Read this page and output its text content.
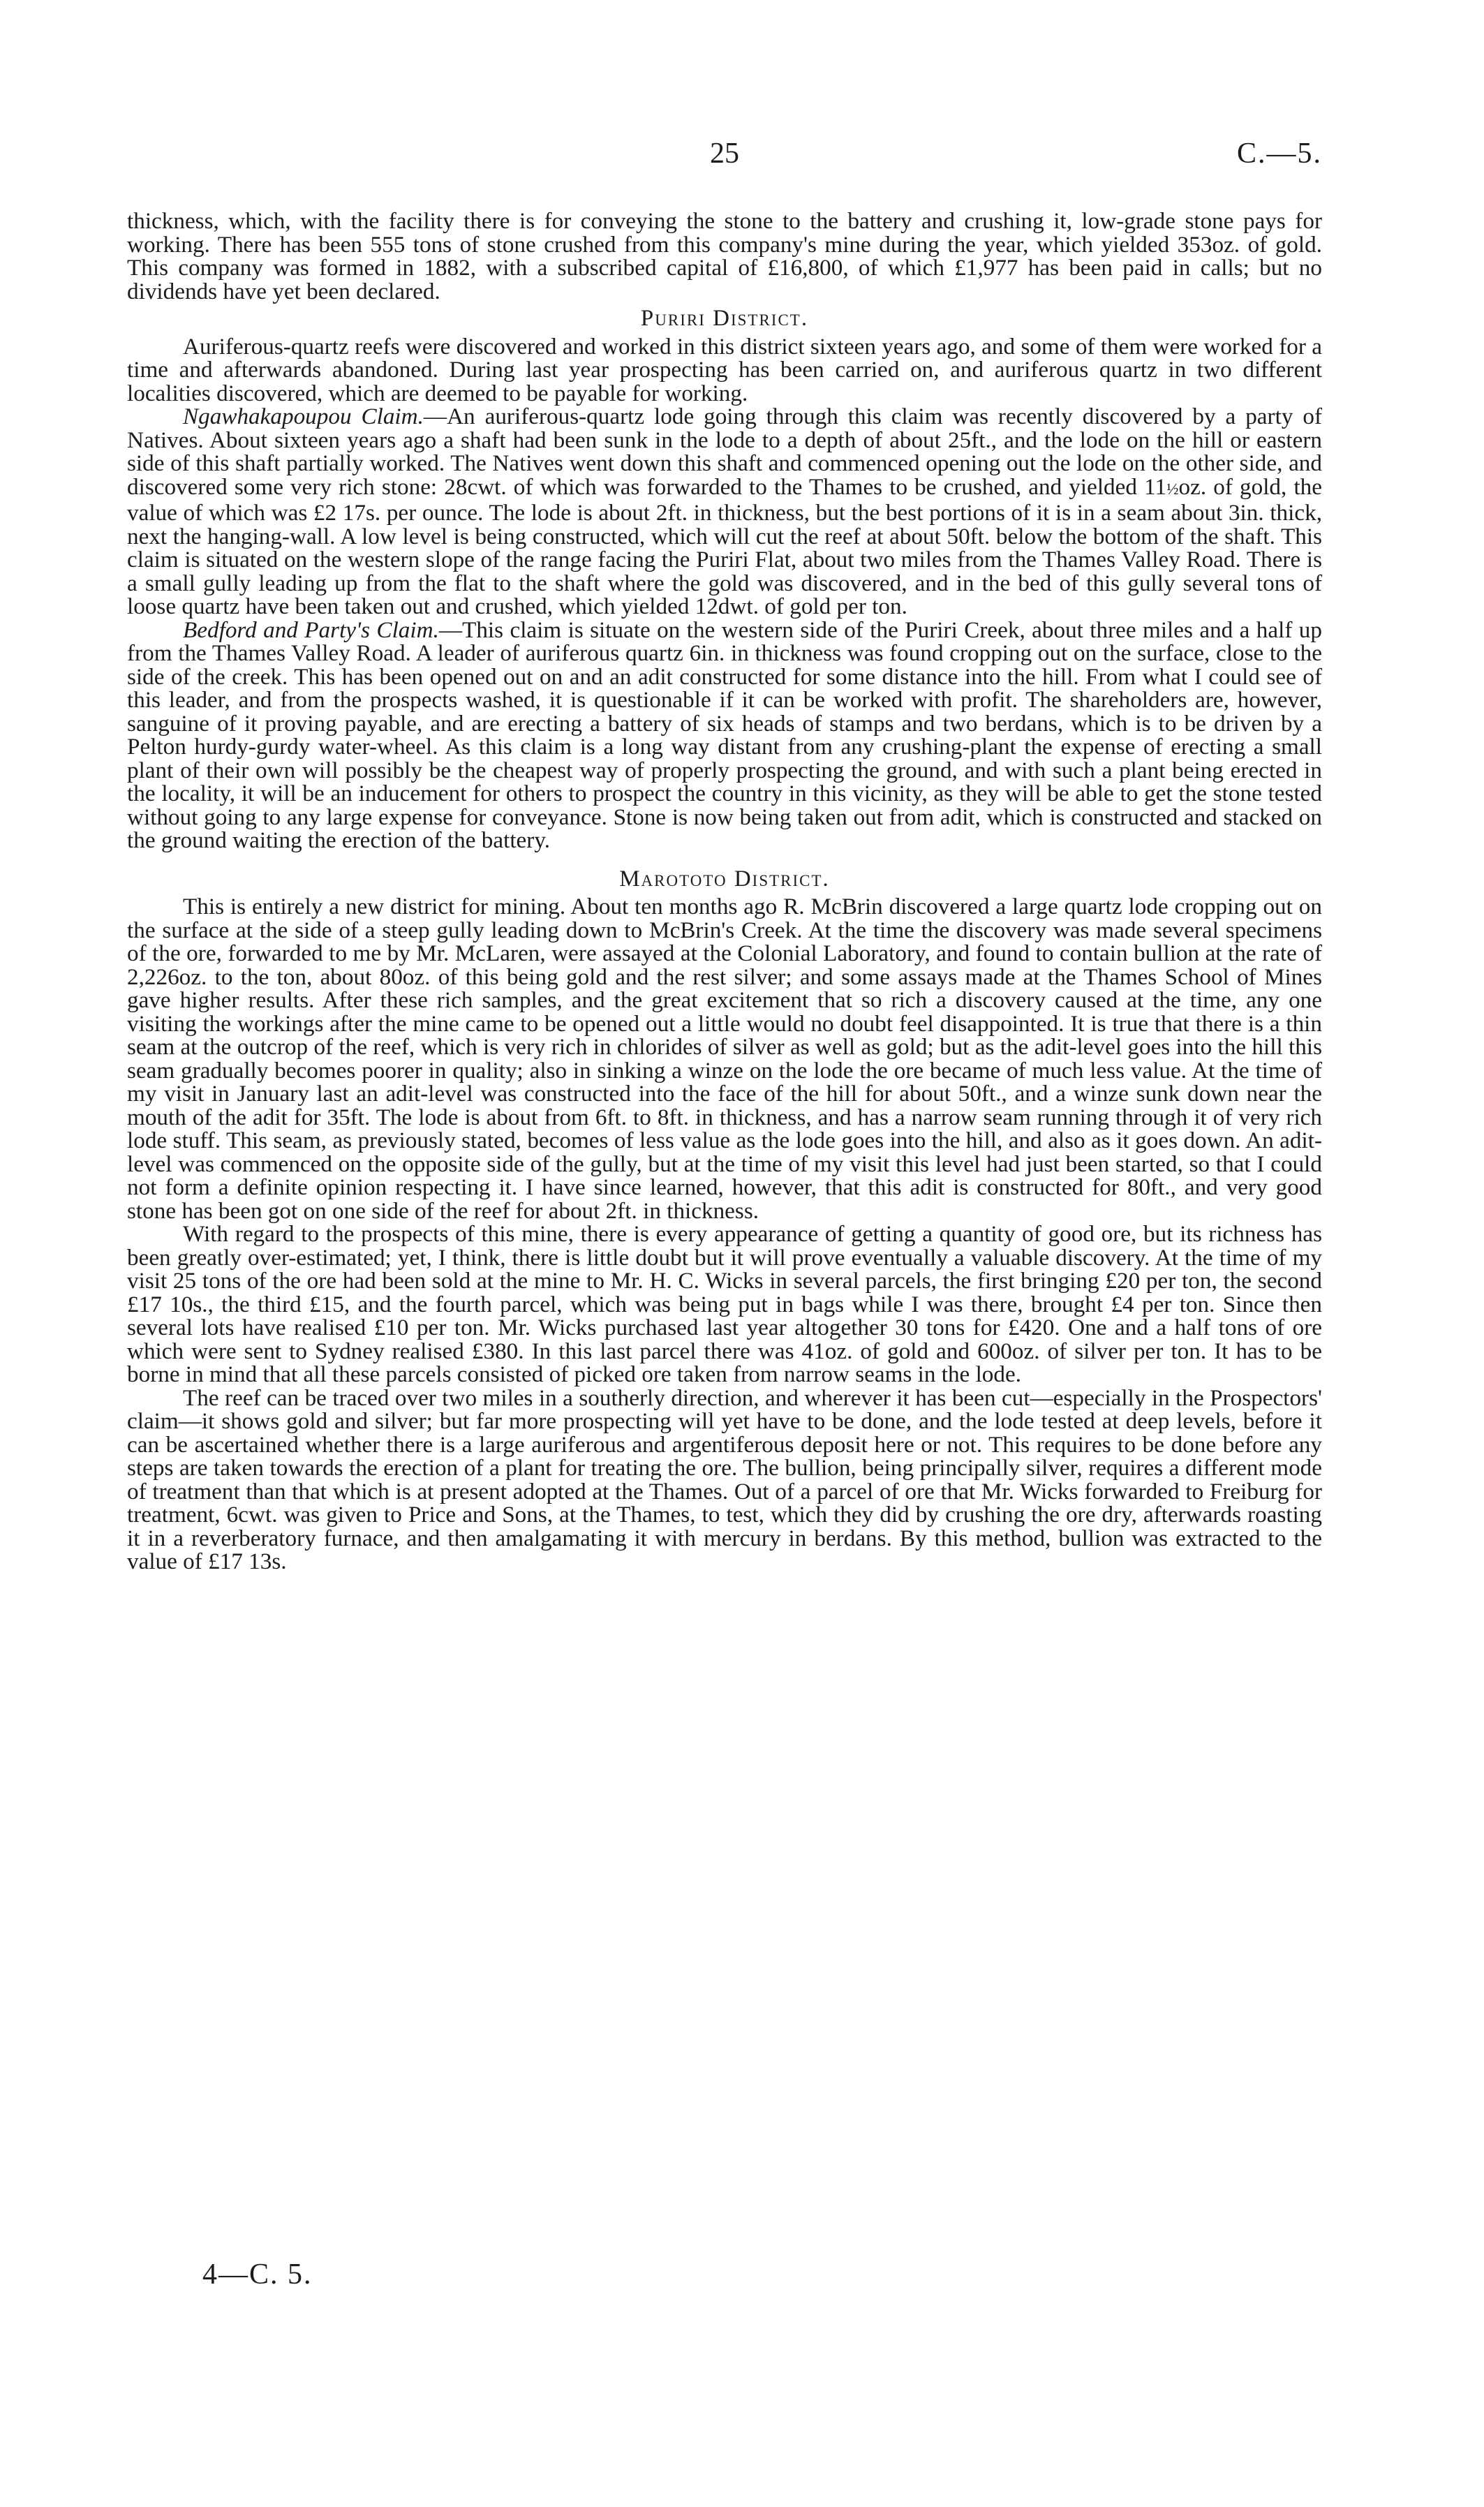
25	C.—5.

thickness, which, with the facility there is for conveying the stone to the battery and crushing it, low-grade stone pays for working. There has been 555 tons of stone crushed from this company's mine during the year, which yielded 353oz. of gold. This company was formed in 1882, with a subscribed capital of £16,800, of which £1,977 has been paid in calls; but no dividends have yet been declared.

Puriri District.

Auriferous-quartz reefs were discovered and worked in this district sixteen years ago, and some of them were worked for a time and afterwards abandoned. During last year prospecting has been carried on, and auriferous quartz in two different localities discovered, which are deemed to be payable for working.

Ngawhakapoupou Claim.—An auriferous-quartz lode going through this claim was recently discovered by a party of Natives. About sixteen years ago a shaft had been sunk in the lode to a depth of about 25ft., and the lode on the hill or eastern side of this shaft partially worked. The Natives went down this shaft and commenced opening out the lode on the other side, and discovered some very rich stone: 28cwt. of which was forwarded to the Thames to be crushed, and yielded 11½oz. of gold, the value of which was £2 17s. per ounce. The lode is about 2ft. in thickness, but the best portions of it is in a seam about 3in. thick, next the hanging-wall. A low level is being constructed, which will cut the reef at about 50ft. below the bottom of the shaft. This claim is situated on the western slope of the range facing the Puriri Flat, about two miles from the Thames Valley Road. There is a small gully leading up from the flat to the shaft where the gold was discovered, and in the bed of this gully several tons of loose quartz have been taken out and crushed, which yielded 12dwt. of gold per ton.

Bedford and Party's Claim.—This claim is situate on the western side of the Puriri Creek, about three miles and a half up from the Thames Valley Road. A leader of auriferous quartz 6in. in thickness was found cropping out on the surface, close to the side of the creek. This has been opened out on and an adit constructed for some distance into the hill. From what I could see of this leader, and from the prospects washed, it is questionable if it can be worked with profit. The shareholders are, however, sanguine of it proving payable, and are erecting a battery of six heads of stamps and two berdans, which is to be driven by a Pelton hurdy-gurdy water-wheel. As this claim is a long way distant from any crushing-plant the expense of erecting a small plant of their own will possibly be the cheapest way of properly prospecting the ground, and with such a plant being erected in the locality, it will be an inducement for others to prospect the country in this vicinity, as they will be able to get the stone tested without going to any large expense for conveyance. Stone is now being taken out from adit, which is constructed and stacked on the ground waiting the erection of the battery.

Marototo District.

This is entirely a new district for mining. About ten months ago R. McBrin discovered a large quartz lode cropping out on the surface at the side of a steep gully leading down to McBrin's Creek. At the time the discovery was made several specimens of the ore, forwarded to me by Mr. McLaren, were assayed at the Colonial Laboratory, and found to contain bullion at the rate of 2,226oz. to the ton, about 80oz. of this being gold and the rest silver; and some assays made at the Thames School of Mines gave higher results. After these rich samples, and the great excitement that so rich a discovery caused at the time, any one visiting the workings after the mine came to be opened out a little would no doubt feel disappointed. It is true that there is a thin seam at the outcrop of the reef, which is very rich in chlorides of silver as well as gold; but as the adit-level goes into the hill this seam gradually becomes poorer in quality; also in sinking a winze on the lode the ore became of much less value. At the time of my visit in January last an adit-level was constructed into the face of the hill for about 50ft., and a winze sunk down near the mouth of the adit for 35ft. The lode is about from 6ft. to 8ft. in thickness, and has a narrow seam running through it of very rich lode stuff. This seam, as previously stated, becomes of less value as the lode goes into the hill, and also as it goes down. An adit-level was commenced on the opposite side of the gully, but at the time of my visit this level had just been started, so that I could not form a definite opinion respecting it. I have since learned, however, that this adit is constructed for 80ft., and very good stone has been got on one side of the reef for about 2ft. in thickness.

With regard to the prospects of this mine, there is every appearance of getting a quantity of good ore, but its richness has been greatly over-estimated; yet, I think, there is little doubt but it will prove eventually a valuable discovery. At the time of my visit 25 tons of the ore had been sold at the mine to Mr. H. C. Wicks in several parcels, the first bringing £20 per ton, the second £17 10s., the third £15, and the fourth parcel, which was being put in bags while I was there, brought £4 per ton. Since then several lots have realised £10 per ton. Mr. Wicks purchased last year altogether 30 tons for £420. One and a half tons of ore which were sent to Sydney realised £380. In this last parcel there was 41oz. of gold and 600oz. of silver per ton. It has to be borne in mind that all these parcels consisted of picked ore taken from narrow seams in the lode.

The reef can be traced over two miles in a southerly direction, and wherever it has been cut—especially in the Prospectors' claim—it shows gold and silver; but far more prospecting will yet have to be done, and the lode tested at deep levels, before it can be ascertained whether there is a large auriferous and argentiferous deposit here or not. This requires to be done before any steps are taken towards the erection of a plant for treating the ore. The bullion, being principally silver, requires a different mode of treatment than that which is at present adopted at the Thames. Out of a parcel of ore that Mr. Wicks forwarded to Freiburg for treatment, 6cwt. was given to Price and Sons, at the Thames, to test, which they did by crushing the ore dry, afterwards roasting it in a reverberatory furnace, and then amalgamating it with mercury in berdans. By this method, bullion was extracted to the value of £17 13s.

4—C. 5.
